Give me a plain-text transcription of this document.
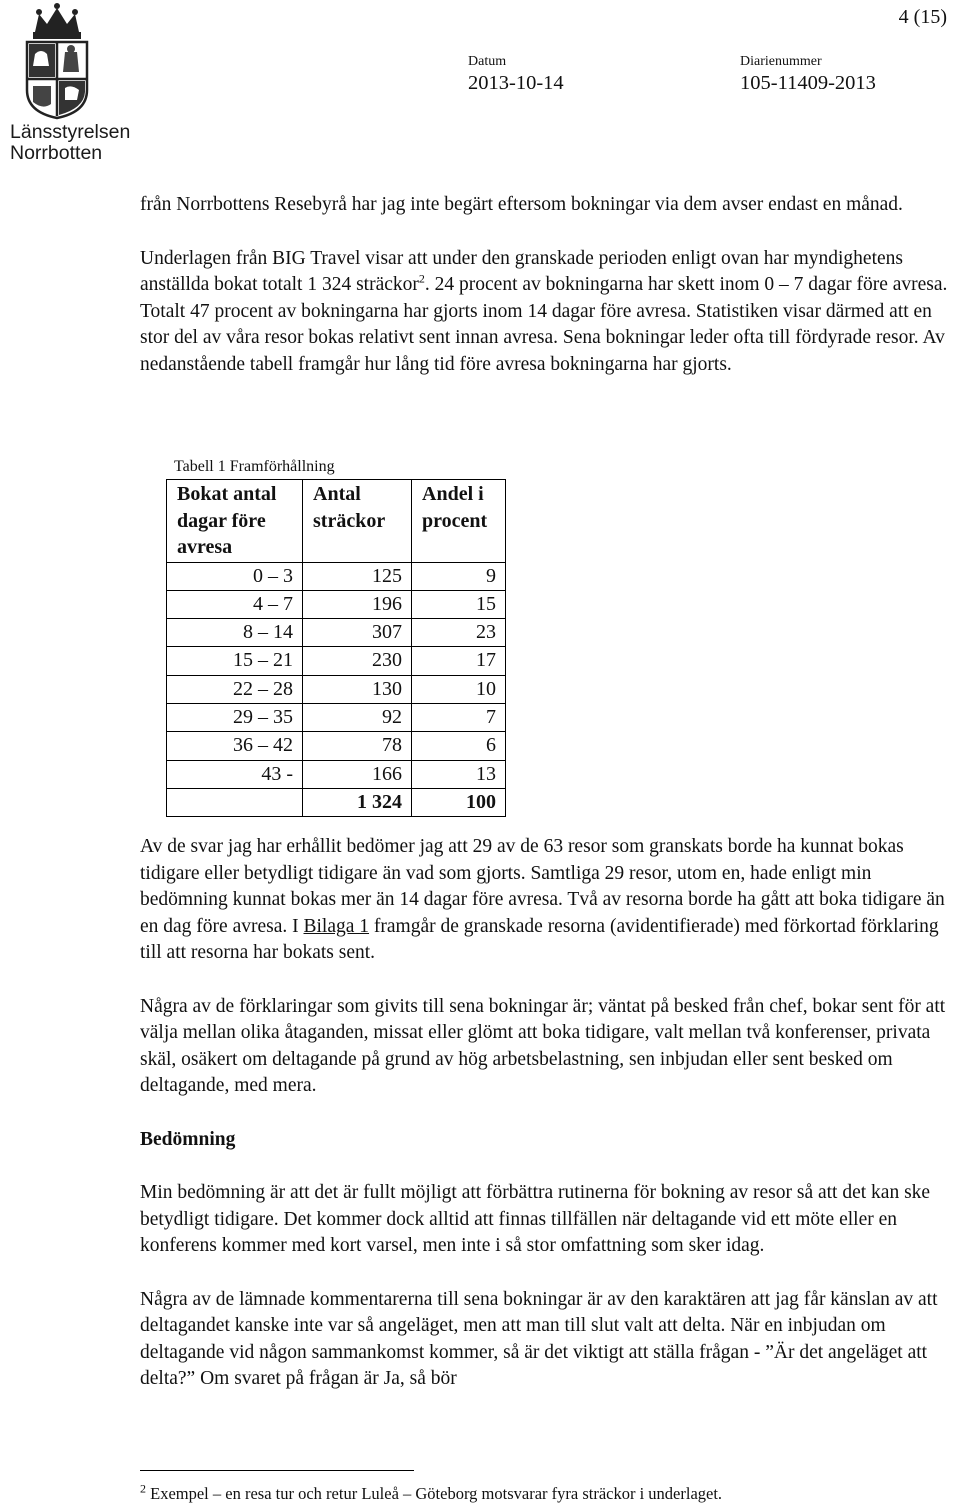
Länsstyrelsen
Norrbotten
4 (15)
Datum
2013-10-14
Diarienummer
105-11409-2013

från Norrbottens Resebyrå har jag inte begärt eftersom bokningar via dem avser endast en månad.

Underlagen från BIG Travel visar att under den granskade perioden enligt ovan har myndighetens anställda bokat totalt 1 324 sträckor$^2$. 24 procent av bokningarna har skett inom 0 – 7 dagar före avresa. Totalt 47 procent av bokningarna har gjorts inom 14 dagar före avresa. Statistiken visar därmed att en stor del av våra resor bokas relativt sent innan avresa. Sena bokningar leder ofta till fördyrade resor. Av nedanstående tabell framgår hur lång tid före avresa bokningarna har gjorts.

Tabell 1 Framförhållning
Bokat antal dagar före avresa	Antal sträckor	Andel i procent
0 – 3	125	9
4 – 7	196	15
8 – 14	307	23
15 – 21	230	17
22 – 28	130	10
29 – 35	92	7
36 – 42	78	6
43 -	166	13
	1 324	100

Av de svar jag har erhållit bedömer jag att 29 av de 63 resor som granskats borde ha kunnat bokas tidigare eller betydligt tidigare än vad som gjorts. Samtliga 29 resor, utom en, hade enligt min bedömning kunnat bokas mer än 14 dagar före avresa. Två av resorna borde ha gått att boka tidigare än en dag före avresa. I Bilaga 1 framgår de granskade resorna (avidentifierade) med förkortad förklaring till att resorna har bokats sent.

Några av de förklaringar som givits till sena bokningar är; väntat på besked från chef, bokar sent för att välja mellan olika åtaganden, missat eller glömt att boka tidigare, valt mellan två konferenser, privata skäl, osäkert om deltagande på grund av hög arbetsbelastning, sen inbjudan eller sent besked om deltagande, med mera.

Bedömning

Min bedömning är att det är fullt möjligt att förbättra rutinerna för bokning av resor så att det kan ske betydligt tidigare. Det kommer dock alltid att finnas tillfällen när deltagande vid ett möte eller en konferens kommer med kort varsel, men inte i så stor omfattning som sker idag.

Några av de lämnade kommentarerna till sena bokningar är av den karaktären att jag får känslan av att deltagandet kanske inte var så angeläget, men att man till slut valt att delta. När en inbjudan om deltagande vid någon sammankomst kommer, så är det viktigt att ställa frågan - ”Är det angeläget att delta?” Om svaret på frågan är Ja, så bör

$^2$ Exempel – en resa tur och retur Luleå – Göteborg motsvarar fyra sträckor i underlaget.
